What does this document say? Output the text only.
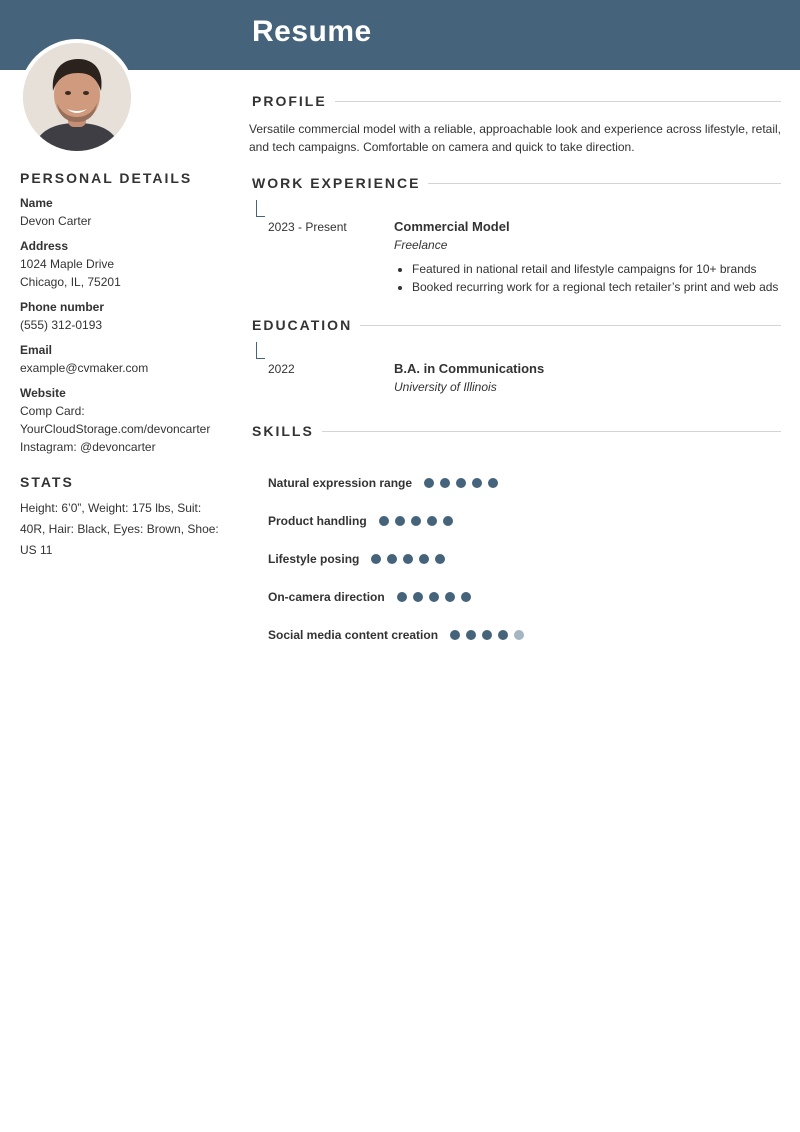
Resume
PERSONAL DETAILS

Name

Devon Carter

Address

1024 Maple Drive
Chicago, IL, 75201

Phone number

(555) 312-0193

Email

example@cvmaker.com

Website

Comp Card:
YourCloudStorage.com/devoncarter
Instagram: @devoncarter

STATS

Height: 6’0”, Weight: 175 lbs, Suit: 40R, Hair: Black, Eyes: Brown, Shoe: US 11

PROFILE

Versatile commercial model with a reliable, approachable look and experience across lifestyle, retail, and tech campaigns. Comfortable on camera and quick to take direction.

WORK EXPERIENCE
2023 - Present	Commercial Model

Freelance

• Featured in national retail and lifestyle campaigns for 10+ brands
• Booked recurring work for a regional tech retailer’s print and web ads
EDUCATION
2022	B.A. in Communications

University of Illinois

SKILLS
Natural expression range
Product handling
Lifestyle posing
On-camera direction
Social media content creation
